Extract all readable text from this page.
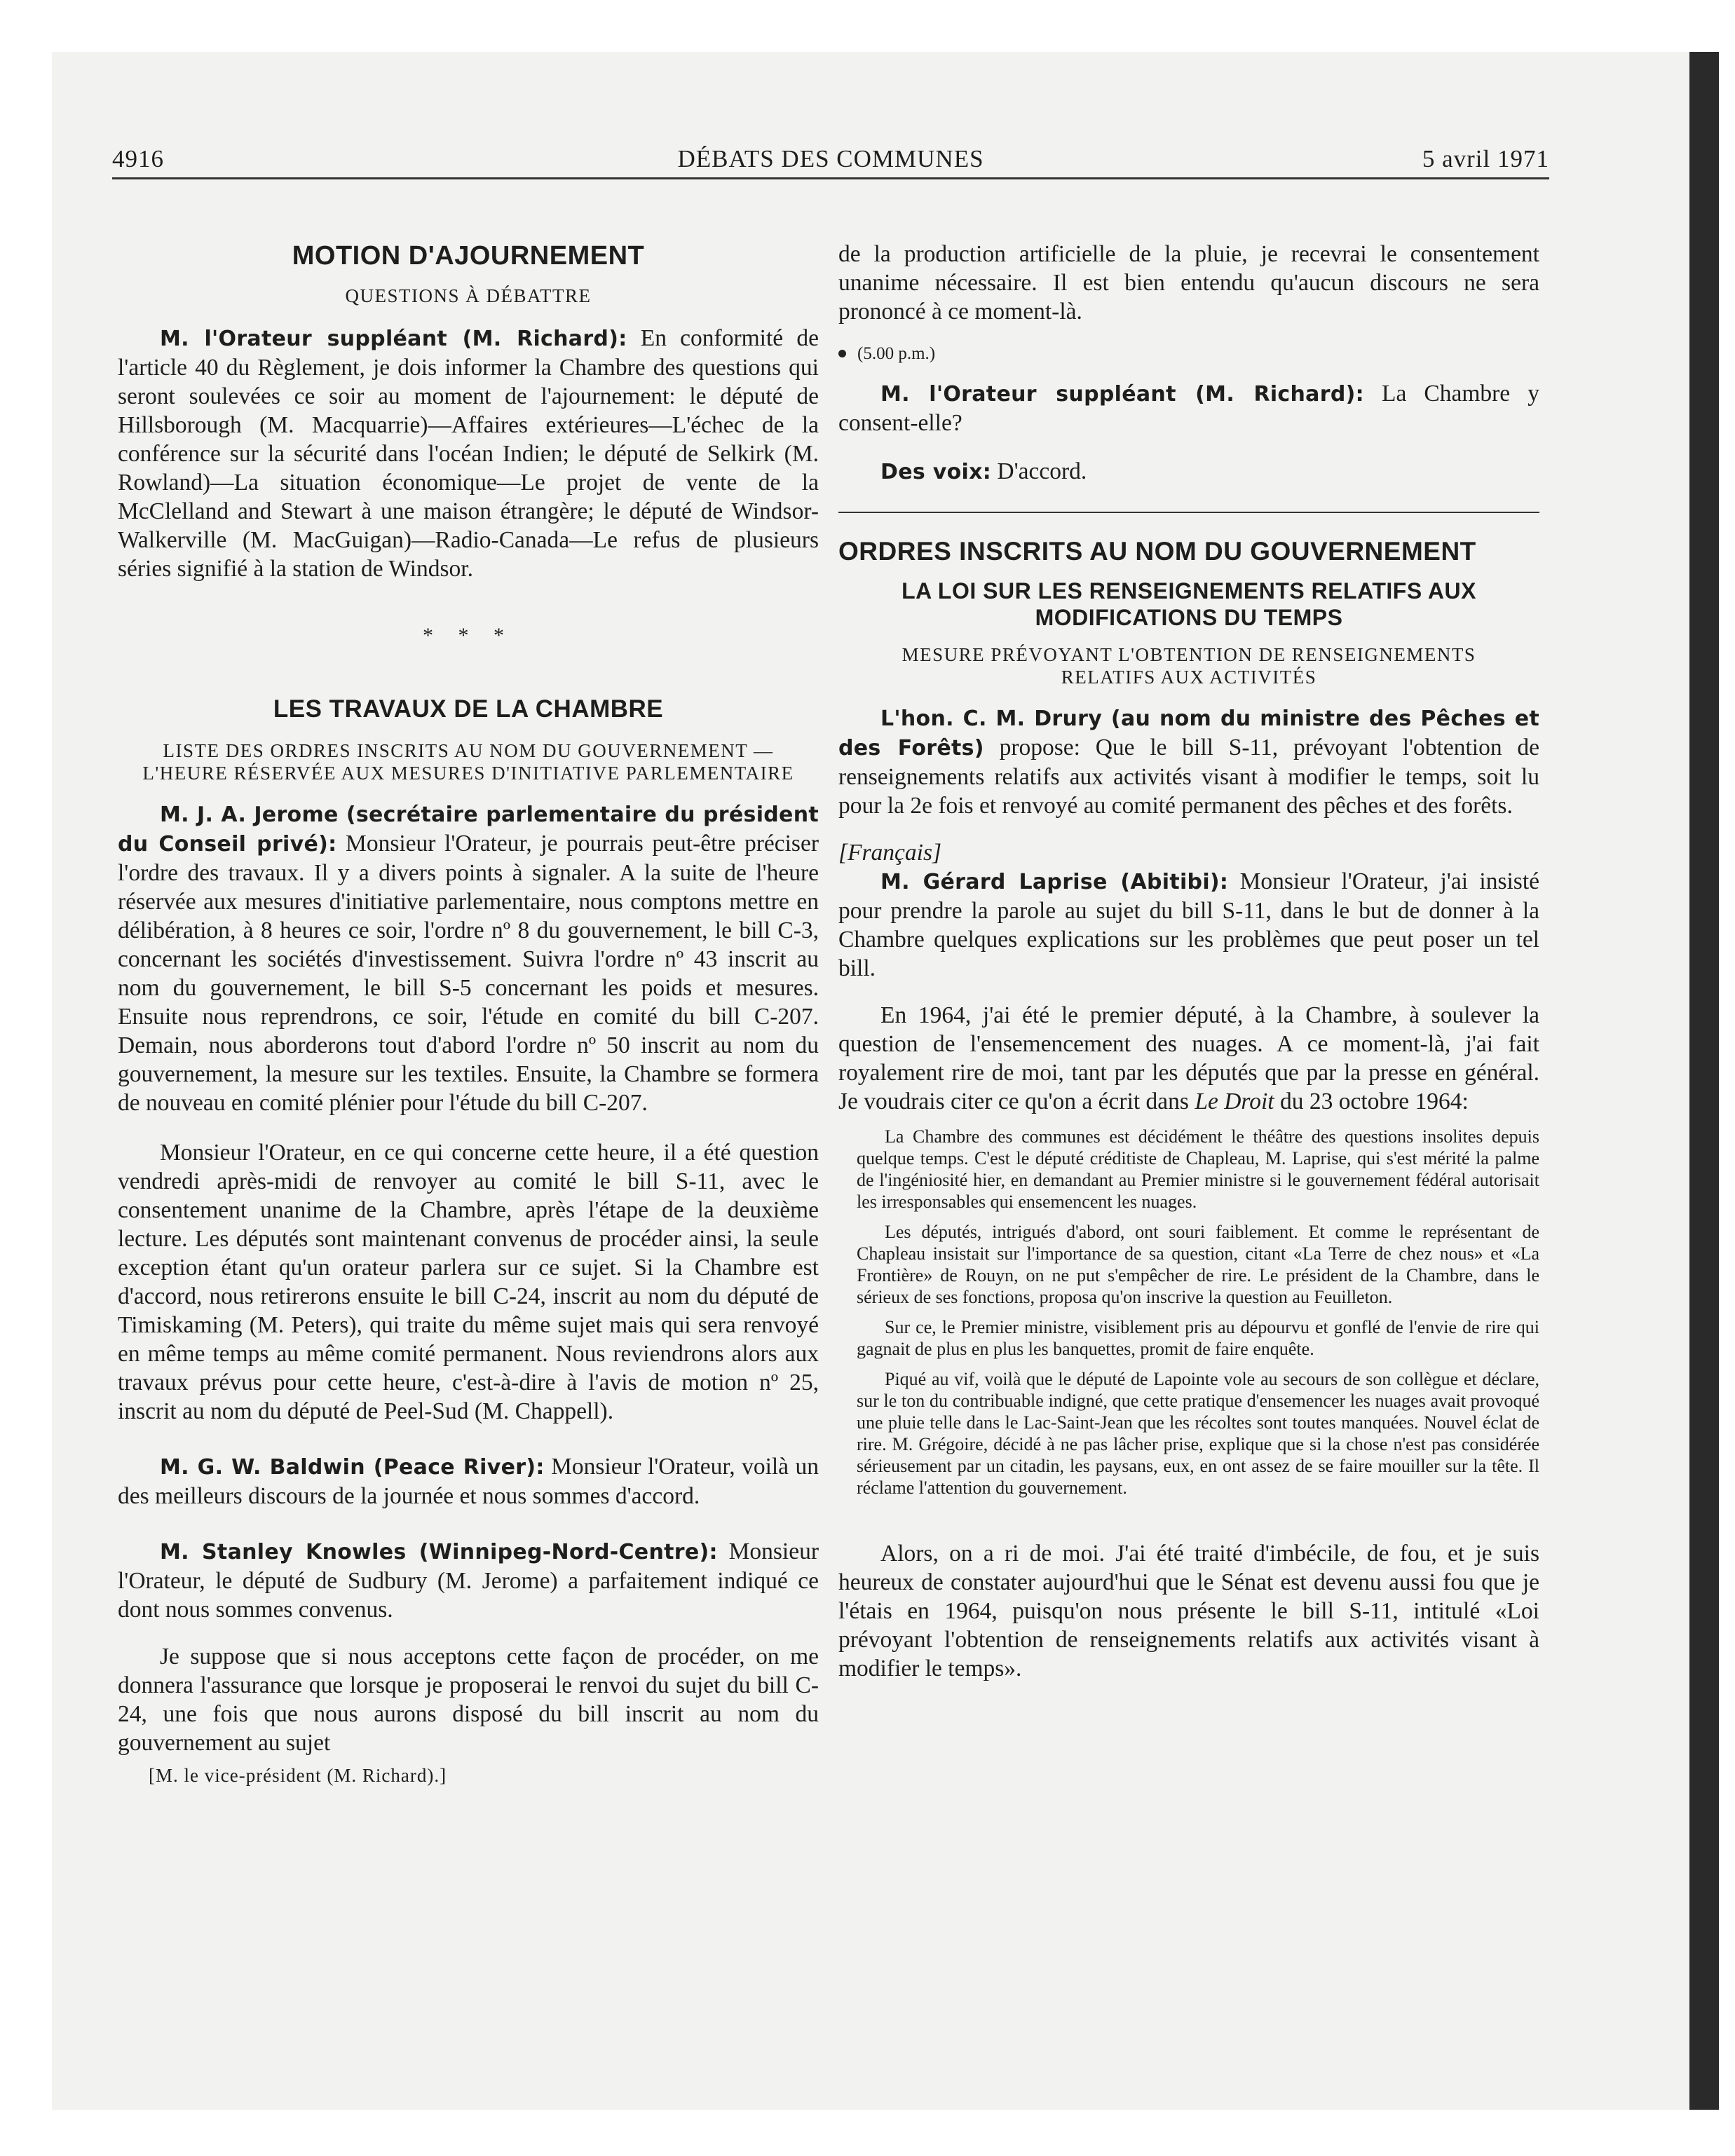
4916	DÉBATS DES COMMUNES	5 avril 1971
MOTION D'AJOURNEMENT
QUESTIONS À DÉBATTRE

M. l'Orateur suppléant (M. Richard): En conformité de l'article 40 du Règlement, je dois informer la Chambre des questions qui seront soulevées ce soir au moment de l'ajournement: le député de Hillsborough (M. Macquarrie)—Affaires extérieures—L'échec de la conférence sur la sécurité dans l'océan Indien; le député de Selkirk (M. Rowland)—La situation économique—Le projet de vente de la McClelland and Stewart à une maison étrangère; le député de Windsor-Walkerville (M. MacGuigan)—Radio-Canada—Le refus de plusieurs séries signifié à la station de Windsor.

* * *
LES TRAVAUX DE LA CHAMBRE
LISTE DES ORDRES INSCRITS AU NOM DU GOUVERNEMENT —L'HEURE RÉSERVÉE AUX MESURES D'INITIATIVE PARLEMENTAIRE

M. J. A. Jerome (secrétaire parlementaire du président du Conseil privé): Monsieur l'Orateur, je pourrais peut-être préciser l'ordre des travaux. Il y a divers points à signaler. A la suite de l'heure réservée aux mesures d'initiative parlementaire, nous comptons mettre en délibération, à 8 heures ce soir, l'ordre nº 8 du gouvernement, le bill C-3, concernant les sociétés d'investissement. Suivra l'ordre nº 43 inscrit au nom du gouvernement, le bill S-5 concernant les poids et mesures. Ensuite nous reprendrons, ce soir, l'étude en comité du bill C-207. Demain, nous aborderons tout d'abord l'ordre nº 50 inscrit au nom du gouvernement, la mesure sur les textiles. Ensuite, la Chambre se formera de nouveau en comité plénier pour l'étude du bill C-207.

Monsieur l'Orateur, en ce qui concerne cette heure, il a été question vendredi après-midi de renvoyer au comité le bill S-11, avec le consentement unanime de la Chambre, après l'étape de la deuxième lecture. Les députés sont maintenant convenus de procéder ainsi, la seule exception étant qu'un orateur parlera sur ce sujet. Si la Chambre est d'accord, nous retirerons ensuite le bill C-24, inscrit au nom du député de Timiskaming (M. Peters), qui traite du même sujet mais qui sera renvoyé en même temps au même comité permanent. Nous reviendrons alors aux travaux prévus pour cette heure, c'est-à-dire à l'avis de motion nº 25, inscrit au nom du député de Peel-Sud (M. Chappell).

M. G. W. Baldwin (Peace River): Monsieur l'Orateur, voilà un des meilleurs discours de la journée et nous sommes d'accord.

M. Stanley Knowles (Winnipeg-Nord-Centre): Monsieur l'Orateur, le député de Sudbury (M. Jerome) a parfaitement indiqué ce dont nous sommes convenus.

Je suppose que si nous acceptons cette façon de procéder, on me donnera l'assurance que lorsque je proposerai le renvoi du sujet du bill C-24, une fois que nous aurons disposé du bill inscrit au nom du gouvernement au sujet

[M. le vice-président (M. Richard).]

de la production artificielle de la pluie, je recevrai le consentement unanime nécessaire. Il est bien entendu qu'aucun discours ne sera prononcé à ce moment-là.

(5.00 p.m.)

M. l'Orateur suppléant (M. Richard): La Chambre y consent-elle?

Des voix: D'accord.

ORDRES INSCRITS AU NOM DU GOUVERNEMENT
LA LOI SUR LES RENSEIGNEMENTS RELATIFS AUX MODIFICATIONS DU TEMPS
MESURE PRÉVOYANT L'OBTENTION DE RENSEIGNEMENTS RELATIFS AUX ACTIVITÉS

L'hon. C. M. Drury (au nom du ministre des Pêches et des Forêts) propose: Que le bill S-11, prévoyant l'obtention de renseignements relatifs aux activités visant à modifier le temps, soit lu pour la 2e fois et renvoyé au comité permanent des pêches et des forêts.

[Français]

M. Gérard Laprise (Abitibi): Monsieur l'Orateur, j'ai insisté pour prendre la parole au sujet du bill S-11, dans le but de donner à la Chambre quelques explications sur les problèmes que peut poser un tel bill.

En 1964, j'ai été le premier député, à la Chambre, à soulever la question de l'ensemencement des nuages. A ce moment-là, j'ai fait royalement rire de moi, tant par les députés que par la presse en général. Je voudrais citer ce qu'on a écrit dans Le Droit du 23 octobre 1964:

La Chambre des communes est décidément le théâtre des questions insolites depuis quelque temps. C'est le député créditiste de Chapleau, M. Laprise, qui s'est mérité la palme de l'ingéniosité hier, en demandant au Premier ministre si le gouvernement fédéral autorisait les irresponsables qui ensemencent les nuages.

Les députés, intrigués d'abord, ont souri faiblement. Et comme le représentant de Chapleau insistait sur l'importance de sa question, citant «La Terre de chez nous» et «La Frontière» de Rouyn, on ne put s'empêcher de rire. Le président de la Chambre, dans le sérieux de ses fonctions, proposa qu'on inscrive la question au Feuilleton.

Sur ce, le Premier ministre, visiblement pris au dépourvu et gonflé de l'envie de rire qui gagnait de plus en plus les banquettes, promit de faire enquête.

Piqué au vif, voilà que le député de Lapointe vole au secours de son collègue et déclare, sur le ton du contribuable indigné, que cette pratique d'ensemencer les nuages avait provoqué une pluie telle dans le Lac-Saint-Jean que les récoltes sont toutes manquées. Nouvel éclat de rire. M. Grégoire, décidé à ne pas lâcher prise, explique que si la chose n'est pas considérée sérieusement par un citadin, les paysans, eux, en ont assez de se faire mouiller sur la tête. Il réclame l'attention du gouvernement.

Alors, on a ri de moi. J'ai été traité d'imbécile, de fou, et je suis heureux de constater aujourd'hui que le Sénat est devenu aussi fou que je l'étais en 1964, puisqu'on nous présente le bill S-11, intitulé «Loi prévoyant l'obtention de renseignements relatifs aux activités visant à modifier le temps».
